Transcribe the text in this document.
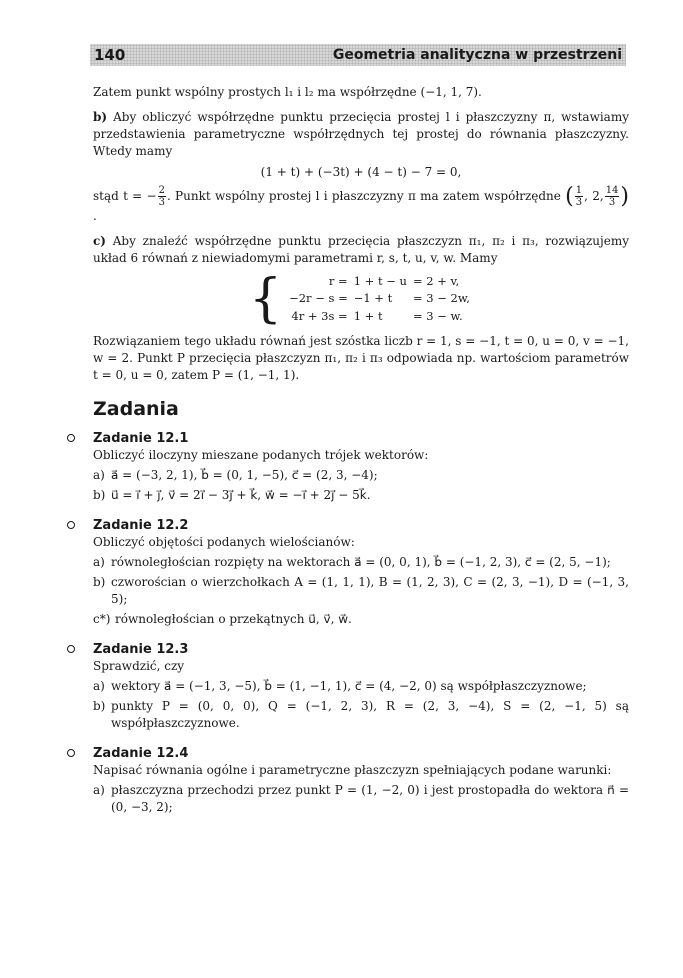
140	Geometria analityczna w przestrzeni

Zatem punkt wspólny prostych l₁ i l₂ ma współrzędne (−1, 1, 7).

b) Aby obliczyć współrzędne punktu przecięcia prostej l i płaszczyzny π, wstawiamy przedstawienia parametryczne współrzędnych tej prostej do równania płaszczyzny. Wtedy mamy

(1 + t) + (−3t) + (4 − t) − 7 = 0,

stąd t = − $\frac{2}{3}$ . Punkt wspólny prostej l i płaszczyzny π ma zatem współrzędne ( $\frac{1}{3}$ , 2, $\frac{14}{3}$ ) .

c) Aby znaleźć współrzędne punktu przecięcia płaszczyzn π₁, π₂ i π₃, rozwiązujemy układ 6 równań z niewiadomymi parametrami r, s, t, u, v, w. Mamy

{	r =	1 + t − u	= 2 + v,
−2r − s =	−1 + t	= 3 − 2w,
4r + 3s =	1 + t	= 3 − w.

Rozwiązaniem tego układu równań jest szóstka liczb r = 1, s = −1, t = 0, u = 0, v = −1, w = 2. Punkt P przecięcia płaszczyzn π₁, π₂ i π₃ odpowiada np. wartościom parametrów t = 0, u = 0, zatem P = (1, −1, 1).

Zadania
Zadanie 12.1
Obliczyć iloczyny mieszane podanych trójek wektorów:
a) a⃗ = (−3, 2, 1), b⃗ = (0, 1, −5), c⃗ = (2, 3, −4);
b) u⃗ = i⃗ + j⃗, v⃗ = 2i⃗ − 3j⃗ + k⃗, w⃗ = −i⃗ + 2j⃗ − 5k⃗.
Zadanie 12.2
Obliczyć objętości podanych wielościanów:
a) równoległościan rozpięty na wektorach a⃗ = (0, 0, 1), b⃗ = (−1, 2, 3), c⃗ = (2, 5, −1);
b) czworościan o wierzchołkach A = (1, 1, 1), B = (1, 2, 3), C = (2, 3, −1), D = (−1, 3, 5);
c*) równoległościan o przekątnych u⃗, v⃗, w⃗.
Zadanie 12.3
Sprawdzić, czy
a) wektory a⃗ = (−1, 3, −5), b⃗ = (1, −1, 1), c⃗ = (4, −2, 0) są współpłaszczyznowe;
b) punkty P = (0, 0, 0), Q = (−1, 2, 3), R = (2, 3, −4), S = (2, −1, 5) są współpłaszczyznowe.
Zadanie 12.4
Napisać równania ogólne i parametryczne płaszczyzn spełniających podane warunki:
a) płaszczyzna przechodzi przez punkt P = (1, −2, 0) i jest prostopadła do wektora n⃗ = (0, −3, 2);
